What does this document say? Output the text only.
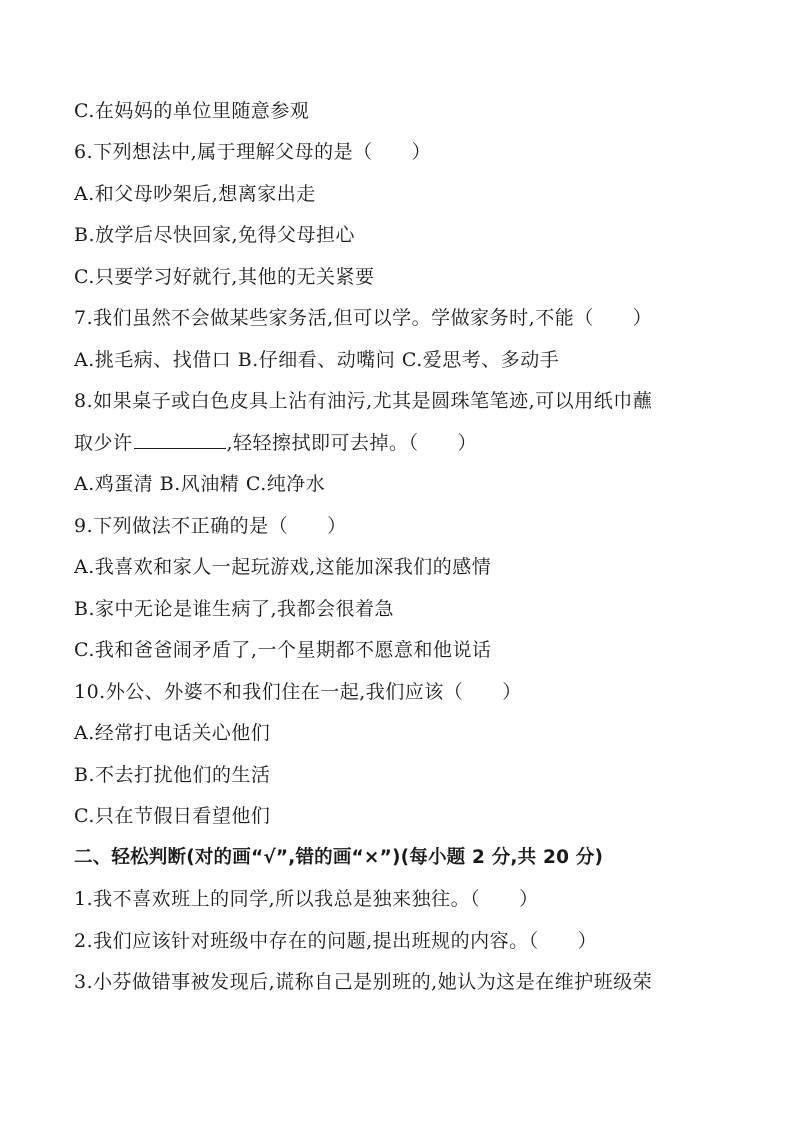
C.在妈妈的单位里随意参观
6.下列想法中,属于理解父母的是（　　）
A.和父母吵架后,想离家出走
B.放学后尽快回家,免得父母担心
C.只要学习好就行,其他的无关紧要
7.我们虽然不会做某些家务活,但可以学。学做家务时,不能（　　）
A.挑毛病、找借口 B.仔细看、动嘴问 C.爱思考、多动手
8.如果桌子或白色皮具上沾有油污,尤其是圆珠笔笔迹,可以用纸巾蘸
取少许	,轻轻擦拭即可去掉。（　　）
A.鸡蛋清 B.风油精 C.纯净水
9.下列做法不正确的是（　　）
A.我喜欢和家人一起玩游戏,这能加深我们的感情
B.家中无论是谁生病了,我都会很着急
C.我和爸爸闹矛盾了,一个星期都不愿意和他说话
10.外公、外婆不和我们住在一起,我们应该（　　）
A.经常打电话关心他们
B.不去打扰他们的生活
C.只在节假日看望他们
二、轻松判断(对的画“√”,错的画“×”)(每小题 2 分,共 20 分)
1.我不喜欢班上的同学,所以我总是独来独往。（　　）
2.我们应该针对班级中存在的问题,提出班规的内容。（　　）
3.小芬做错事被发现后,谎称自己是别班的,她认为这是在维护班级荣
